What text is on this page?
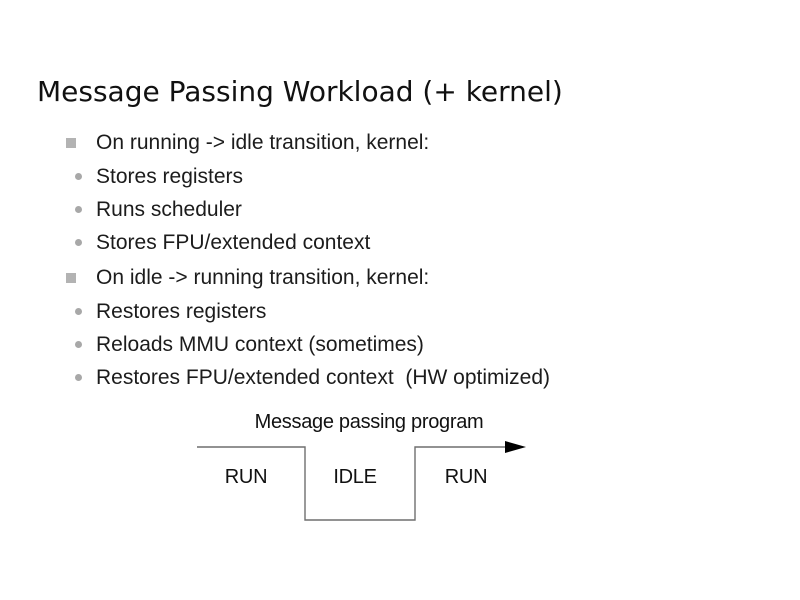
Message Passing Workload (+ kernel)

On running -> idle transition, kernel:

Stores registers

Runs scheduler

Stores FPU/extended context

On idle -> running transition, kernel:

Restores registers

Reloads MMU context (sometimes)

Restores FPU/extended context  (HW optimized)

Message passing program
RUN	IDLE	RUN
